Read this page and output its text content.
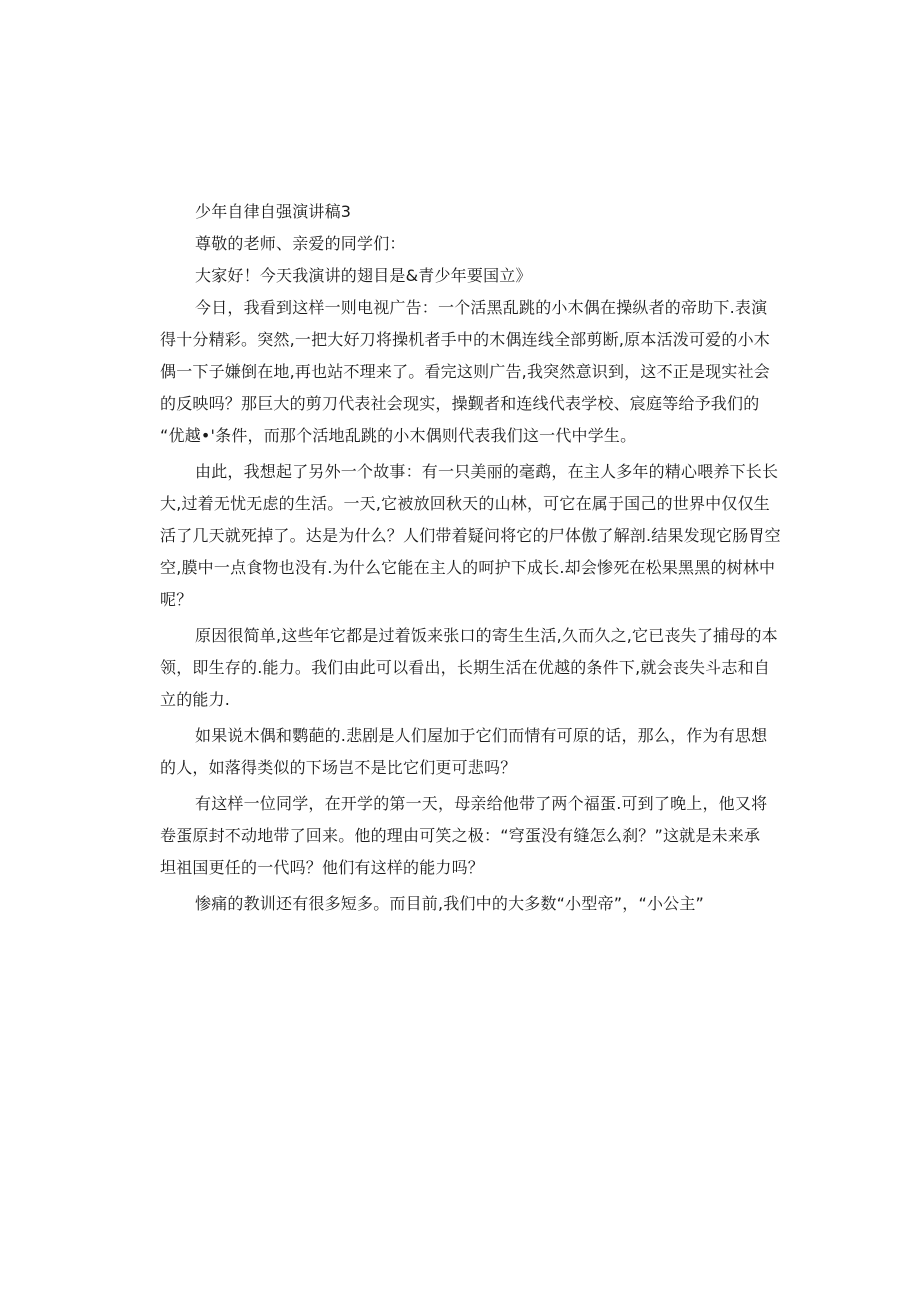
少年自律自强演讲稿3
尊敬的老师、亲爱的同学们：
大家好！今天我演讲的翅目是&青少年要国立》
今日，我看到这样一则电视广告：一个活黑乱跳的小木偶在操纵者的帝助下.表演
得十分精彩。突然,一把大好刀将操机者手中的木偶连线全部剪断,原本活泼可爱的小木
偶一下子嫌倒在地,再也站不理来了。看完这则广告,我突然意识到，这不正是现实社会
的反映吗？那巨大的剪刀代表社会现实，操觐者和连线代表学校、宸庭等给予我们的
“优越•'条件，而那个活地乱跳的小木偶则代表我们这一代中学生。
由此，我想起了另外一个故事：有一只美丽的毫鹉，在主人多年的精心喂养下长长
大,过着无忧无虑的生活。一天,它被放回秋天的山林，可它在属于国己的世界中仅仅生
活了几天就死掉了。达是为什么？人们带着疑问将它的尸体傲了解剖.结果发现它肠胃空
空,膜中一点食物也没有.为什么它能在主人的呵护下成长.却会惨死在松果黑黑的树林中
呢？
原因很简单,这些年它都是过着饭来张口的寄生生活,久而久之,它已丧失了捕母的本
领，即生存的.能力。我们由此可以看出，长期生活在优越的条件下,就会丧失斗志和自
立的能力.
如果说木偶和鹦葩的.悲剧是人们屋加于它们而情有可原的话，那么，作为有思想
的人，如落得类似的下场岂不是比它们更可悲吗？
有这样一位同学，在开学的第一天，母亲给他带了两个福蛋.可到了晚上，他又将
卷蛋原封不动地带了回来。他的理由可笑之极：“穹蛋没有缝怎么刹？”这就是未来承
坦祖国更任的一代吗？他们有这样的能力吗？
惨痛的教训还有很多短多。而目前,我们中的大多数“小型帝”，“小公主”
